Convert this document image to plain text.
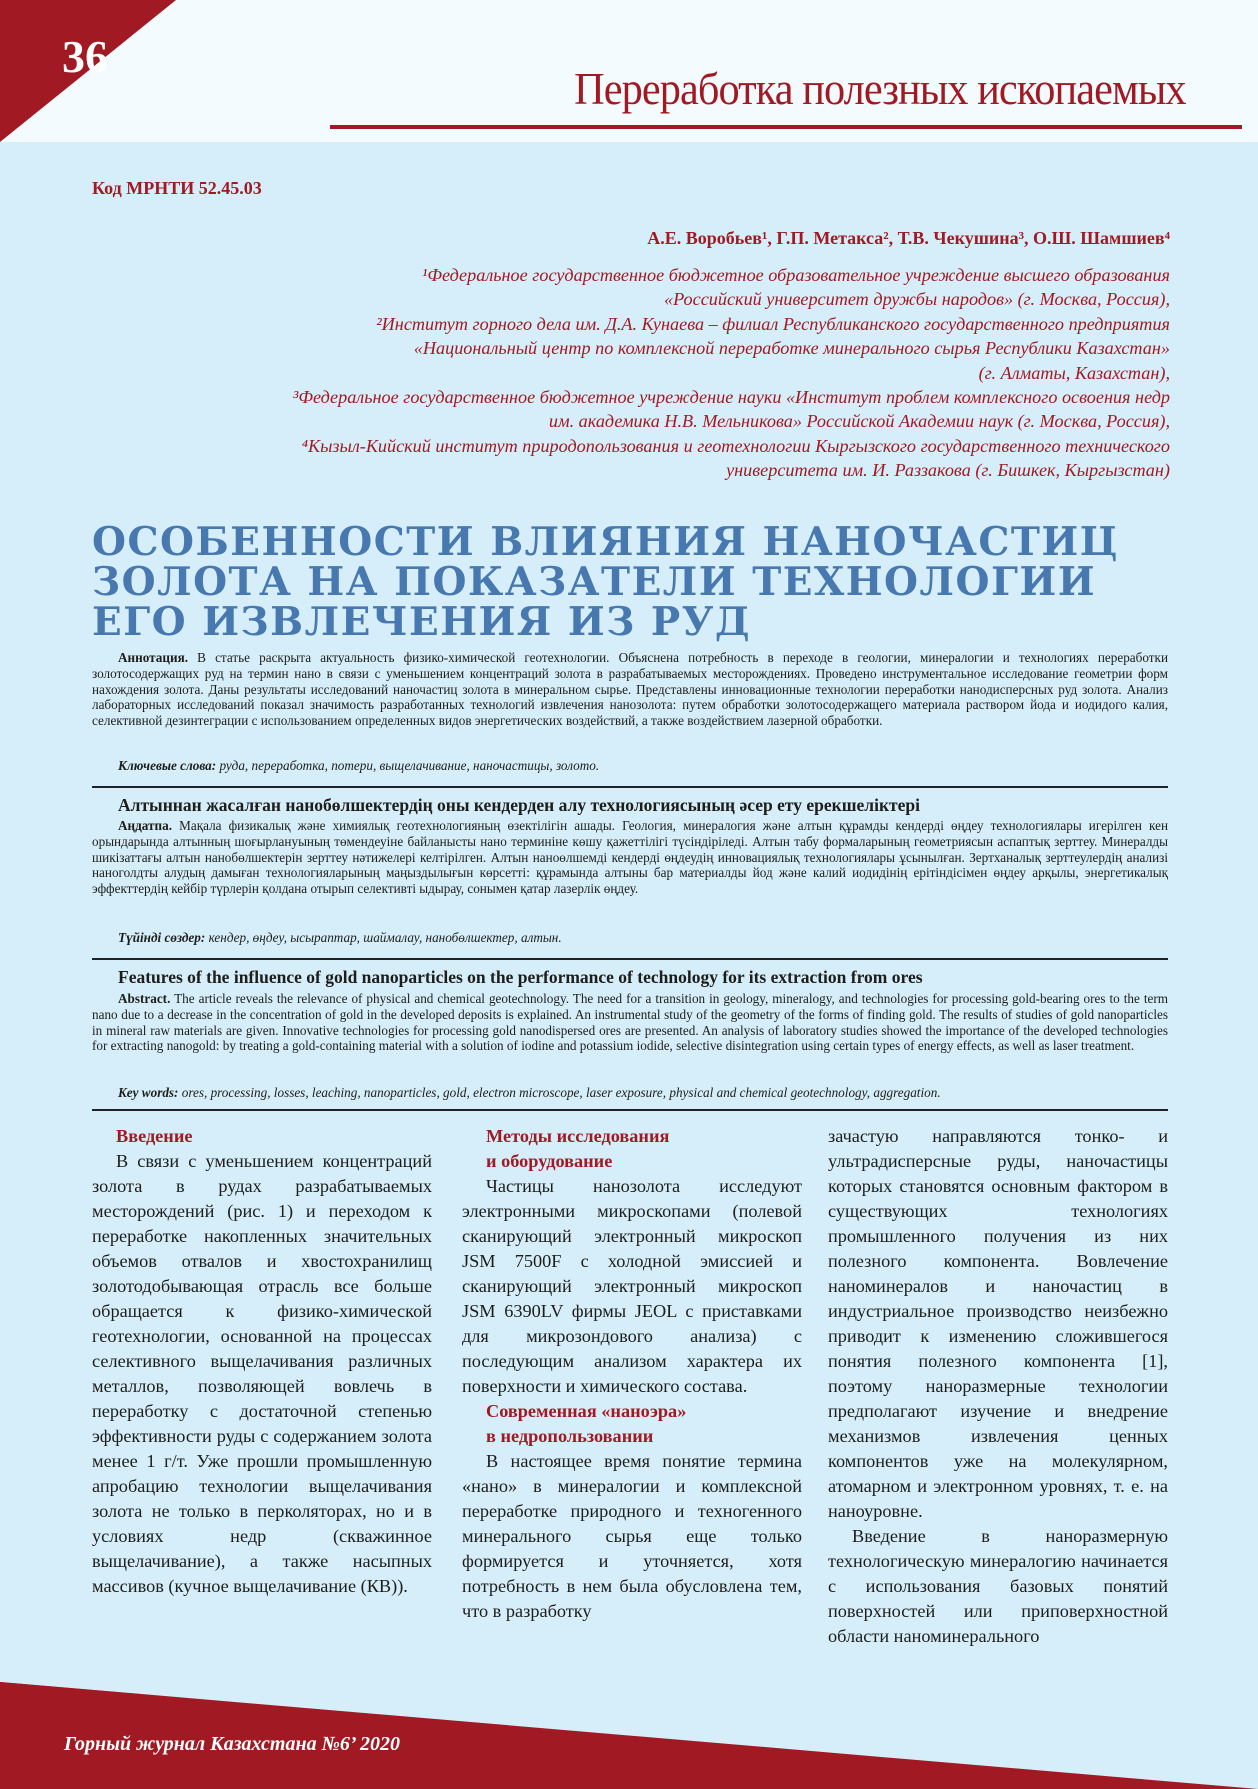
36
Переработка полезных ископаемых
Код МРНТИ 52.45.03
А.Е. Воробьев¹, Г.П. Метакса², Т.В. Чекушина³, О.Ш. Шамшиев⁴

¹Федеральное государственное бюджетное образовательное учреждение высшего образования

«Российский университет дружбы народов» (г. Москва, Россия),

²Институт горного дела им. Д.А. Кунаева – филиал Республиканского государственного предприятия

«Национальный центр по комплексной переработке минерального сырья Республики Казахстан»

(г. Алматы, Казахстан),

³Федеральное государственное бюджетное учреждение науки «Институт проблем комплексного освоения недр

им. академика Н.В. Мельникова» Российской Академии наук (г. Москва, Россия),

⁴Кызыл-Кийский институт природопользования и геотехнологии Кыргызского государственного технического

университета им. И. Раззакова (г. Бишкек, Кыргызстан)

ОСОБЕННОСТИ ВЛИЯНИЯ НАНОЧАСТИЦ
ЗОЛОТА НА ПОКАЗАТЕЛИ ТЕХНОЛОГИИ
ЕГО ИЗВЛЕЧЕНИЯ ИЗ РУД
Аннотация. В статье раскрыта актуальность физико-химической геотехнологии. Объяснена потребность в переходе в геологии, минералогии и технологиях переработки золотосодержащих руд на термин нано в связи с уменьшением концентраций золота в разрабатываемых месторождениях. Проведено инструментальное исследование геометрии форм нахождения золота. Даны результаты исследований наночастиц золота в минеральном сырье. Представлены инновационные технологии переработки нанодисперсных руд золота. Анализ лабораторных исследований показал значимость разработанных технологий извлечения нанозолота: путем обработки золотосодержащего материала раствором йода и иодидого калия, селективной дезинтеграции с использованием определенных видов энергетических воздействий, а также воздействием лазерной обработки.
Ключевые слова: руда, переработка, потери, выщелачивание, наночастицы, золото.
Алтыннан жасалған нанобөлшектердің оны кендерден алу технологиясының әсер ету ерекшеліктері
Аңдатпа. Мақала физикалық және химиялық геотехнологияның өзектілігін ашады. Геология, минералогия және алтын құрамды кендерді өңдеу технологиялары игерілген кен орындарында алтынның шоғырлануының төмендеуіне байланысты нано терминіне көшу қажеттілігі түсіндіріледі. Алтын табу формаларының геометриясын аспаптық зерттеу. Минералды шикізаттағы алтын нанобөлшектерін зерттеу нәтижелері келтірілген. Алтын наноөлшемді кендерді өңдеудің инновациялық технологиялары ұсынылған. Зертханалық зерттеулердің анализі наноголдты алудың дамыған технологияларының маңыздылығын көрсетті: құрамында алтыны бар материалды йод және калий иодидінің ерітіндісімен өңдеу арқылы, энергетикалық эффекттердің кейбір түрлерін қолдана отырып селективті ыдырау, сонымен қатар лазерлік өңдеу.
Түйінді сөздер: кендер, өңдеу, ысыраптар, шаймалау, нанобөлшектер, алтын.
Features of the influence of gold nanoparticles on the performance of technology for its extraction from ores
Abstract. The article reveals the relevance of physical and chemical geotechnology. The need for a transition in geology, mineralogy, and technologies for processing gold-bearing ores to the term nano due to a decrease in the concentration of gold in the developed deposits is explained. An instrumental study of the geometry of the forms of finding gold. The results of studies of gold nanoparticles in mineral raw materials are given. Innovative technologies for processing gold nanodispersed ores are presented. An analysis of laboratory studies showed the importance of the developed technologies for extracting nanogold: by treating a gold-containing material with a solution of iodine and potassium iodide, selective disintegration using certain types of energy effects, as well as laser treatment.
Key words: ores, processing, losses, leaching, nanoparticles, gold, electron microscope, laser exposure, physical and chemical geotechnology, aggregation.
Введение

В связи с уменьшением концентраций золота в рудах разрабатываемых месторождений (рис. 1) и переходом к переработке накопленных значительных объемов отвалов и хвостохранилищ золотодобывающая отрасль все больше обращается к физико-химической геотехнологии, основанной на процессах селективного выщелачивания различных металлов, позволяющей вовлечь в переработку с достаточной степенью эффективности руды с содержанием золота менее 1 г/т. Уже прошли промышленную апробацию технологии выщелачивания золота не только в перколяторах, но и в условиях недр (скважинное выщелачивание), а также насыпных массивов (кучное выщелачивание (КВ)).

Методы исследования
и оборудование

Частицы нанозолота исследуют электронными микроскопами (полевой сканирующий электронный микроскоп JSM 7500F с холодной эмиссией и сканирующий электронный микроскоп JSM 6390LV фирмы JEOL с приставками для микрозондового анализа) с последующим анализом характера их поверхности и химического состава.

Современная «наноэра»
в недропользовании

В настоящее время понятие термина «нано» в минералогии и комплексной переработке природного и техногенного минерального сырья еще только формируется и уточняется, хотя потребность в нем была обусловлена тем, что в разработку

зачастую направляются тонко- и ультрадисперсные руды, наночастицы которых становятся основным фактором в существующих технологиях промышленного получения из них полезного компонента. Вовлечение наноминералов и наночастиц в индустриальное производство неизбежно приводит к изменению сложившегося понятия полезного компонента [1], поэтому наноразмерные технологии предполагают изучение и внедрение механизмов извлечения ценных компонентов уже на молекулярном, атомарном и электронном уровнях, т. е. на наноуровне.

Введение в наноразмерную технологическую минералогию начинается с использования базовых понятий поверхностей или приповерхностной области наноминерального

Горный журнал Казахстана №6’ 2020
